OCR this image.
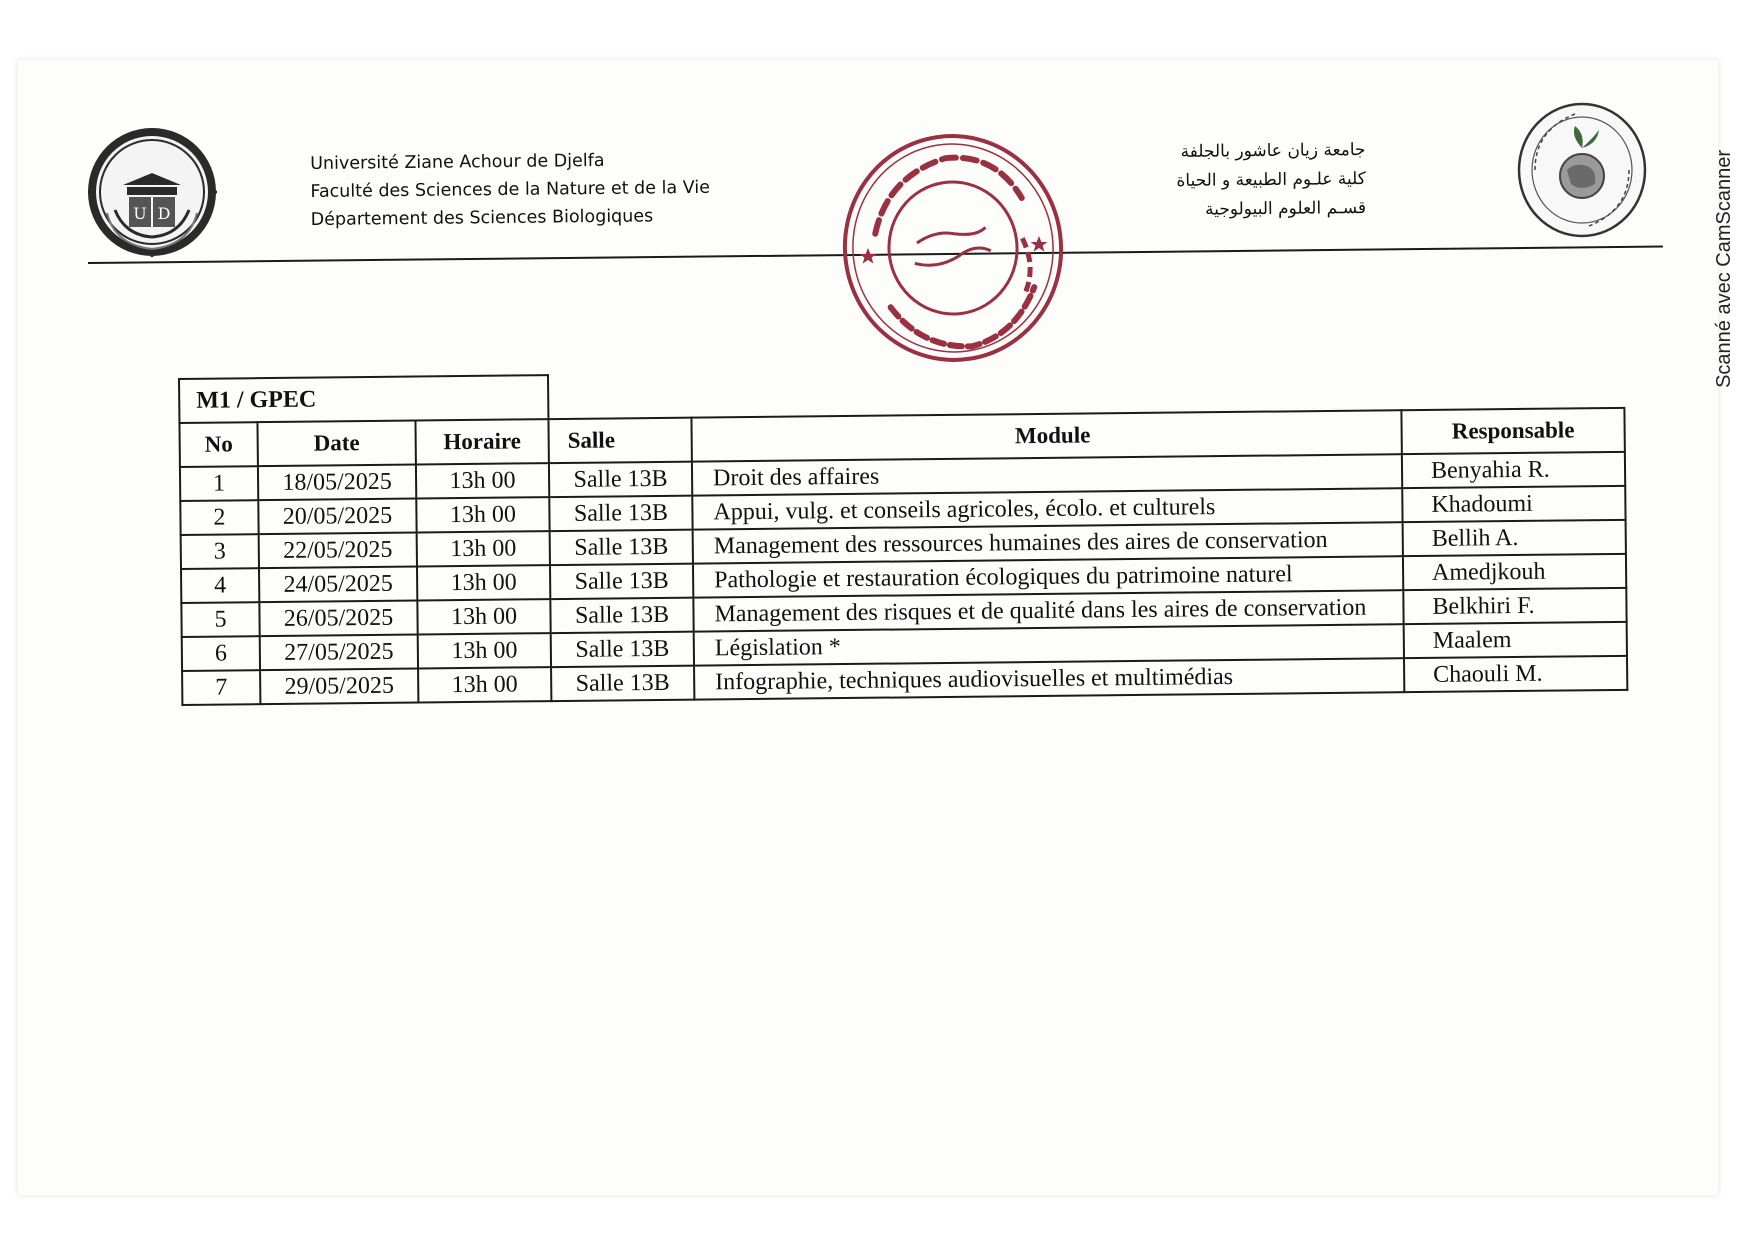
Scanné avec CamScanner
U D
Université Ziane Achour de Djelfa
Faculté des Sciences de la Nature et de la Vie
Département des Sciences Biologiques
جامعة زيان عاشور بالجلفة
كلية علـوم الطبيعة و الحياة
قسـم العلوم البيولوجية
M1 / GPEC					
No	Date	Horaire	Salle	Module	Responsable
1	18/05/2025	13h 00	Salle 13B	Droit des affaires	Benyahia R.
2	20/05/2025	13h 00	Salle 13B	Appui, vulg. et conseils agricoles, écolo. et culturels	Khadoumi
3	22/05/2025	13h 00	Salle 13B	Management des ressources humaines des aires de conservation	Bellih A.
4	24/05/2025	13h 00	Salle 13B	Pathologie et restauration écologiques du patrimoine naturel	Amedjkouh
5	26/05/2025	13h 00	Salle 13B	Management des risques et de qualité dans les aires de conservation	Belkhiri F.
6	27/05/2025	13h 00	Salle 13B	Législation *	Maalem
7	29/05/2025	13h 00	Salle 13B	Infographie, techniques audiovisuelles et multimédias	Chaouli M.
